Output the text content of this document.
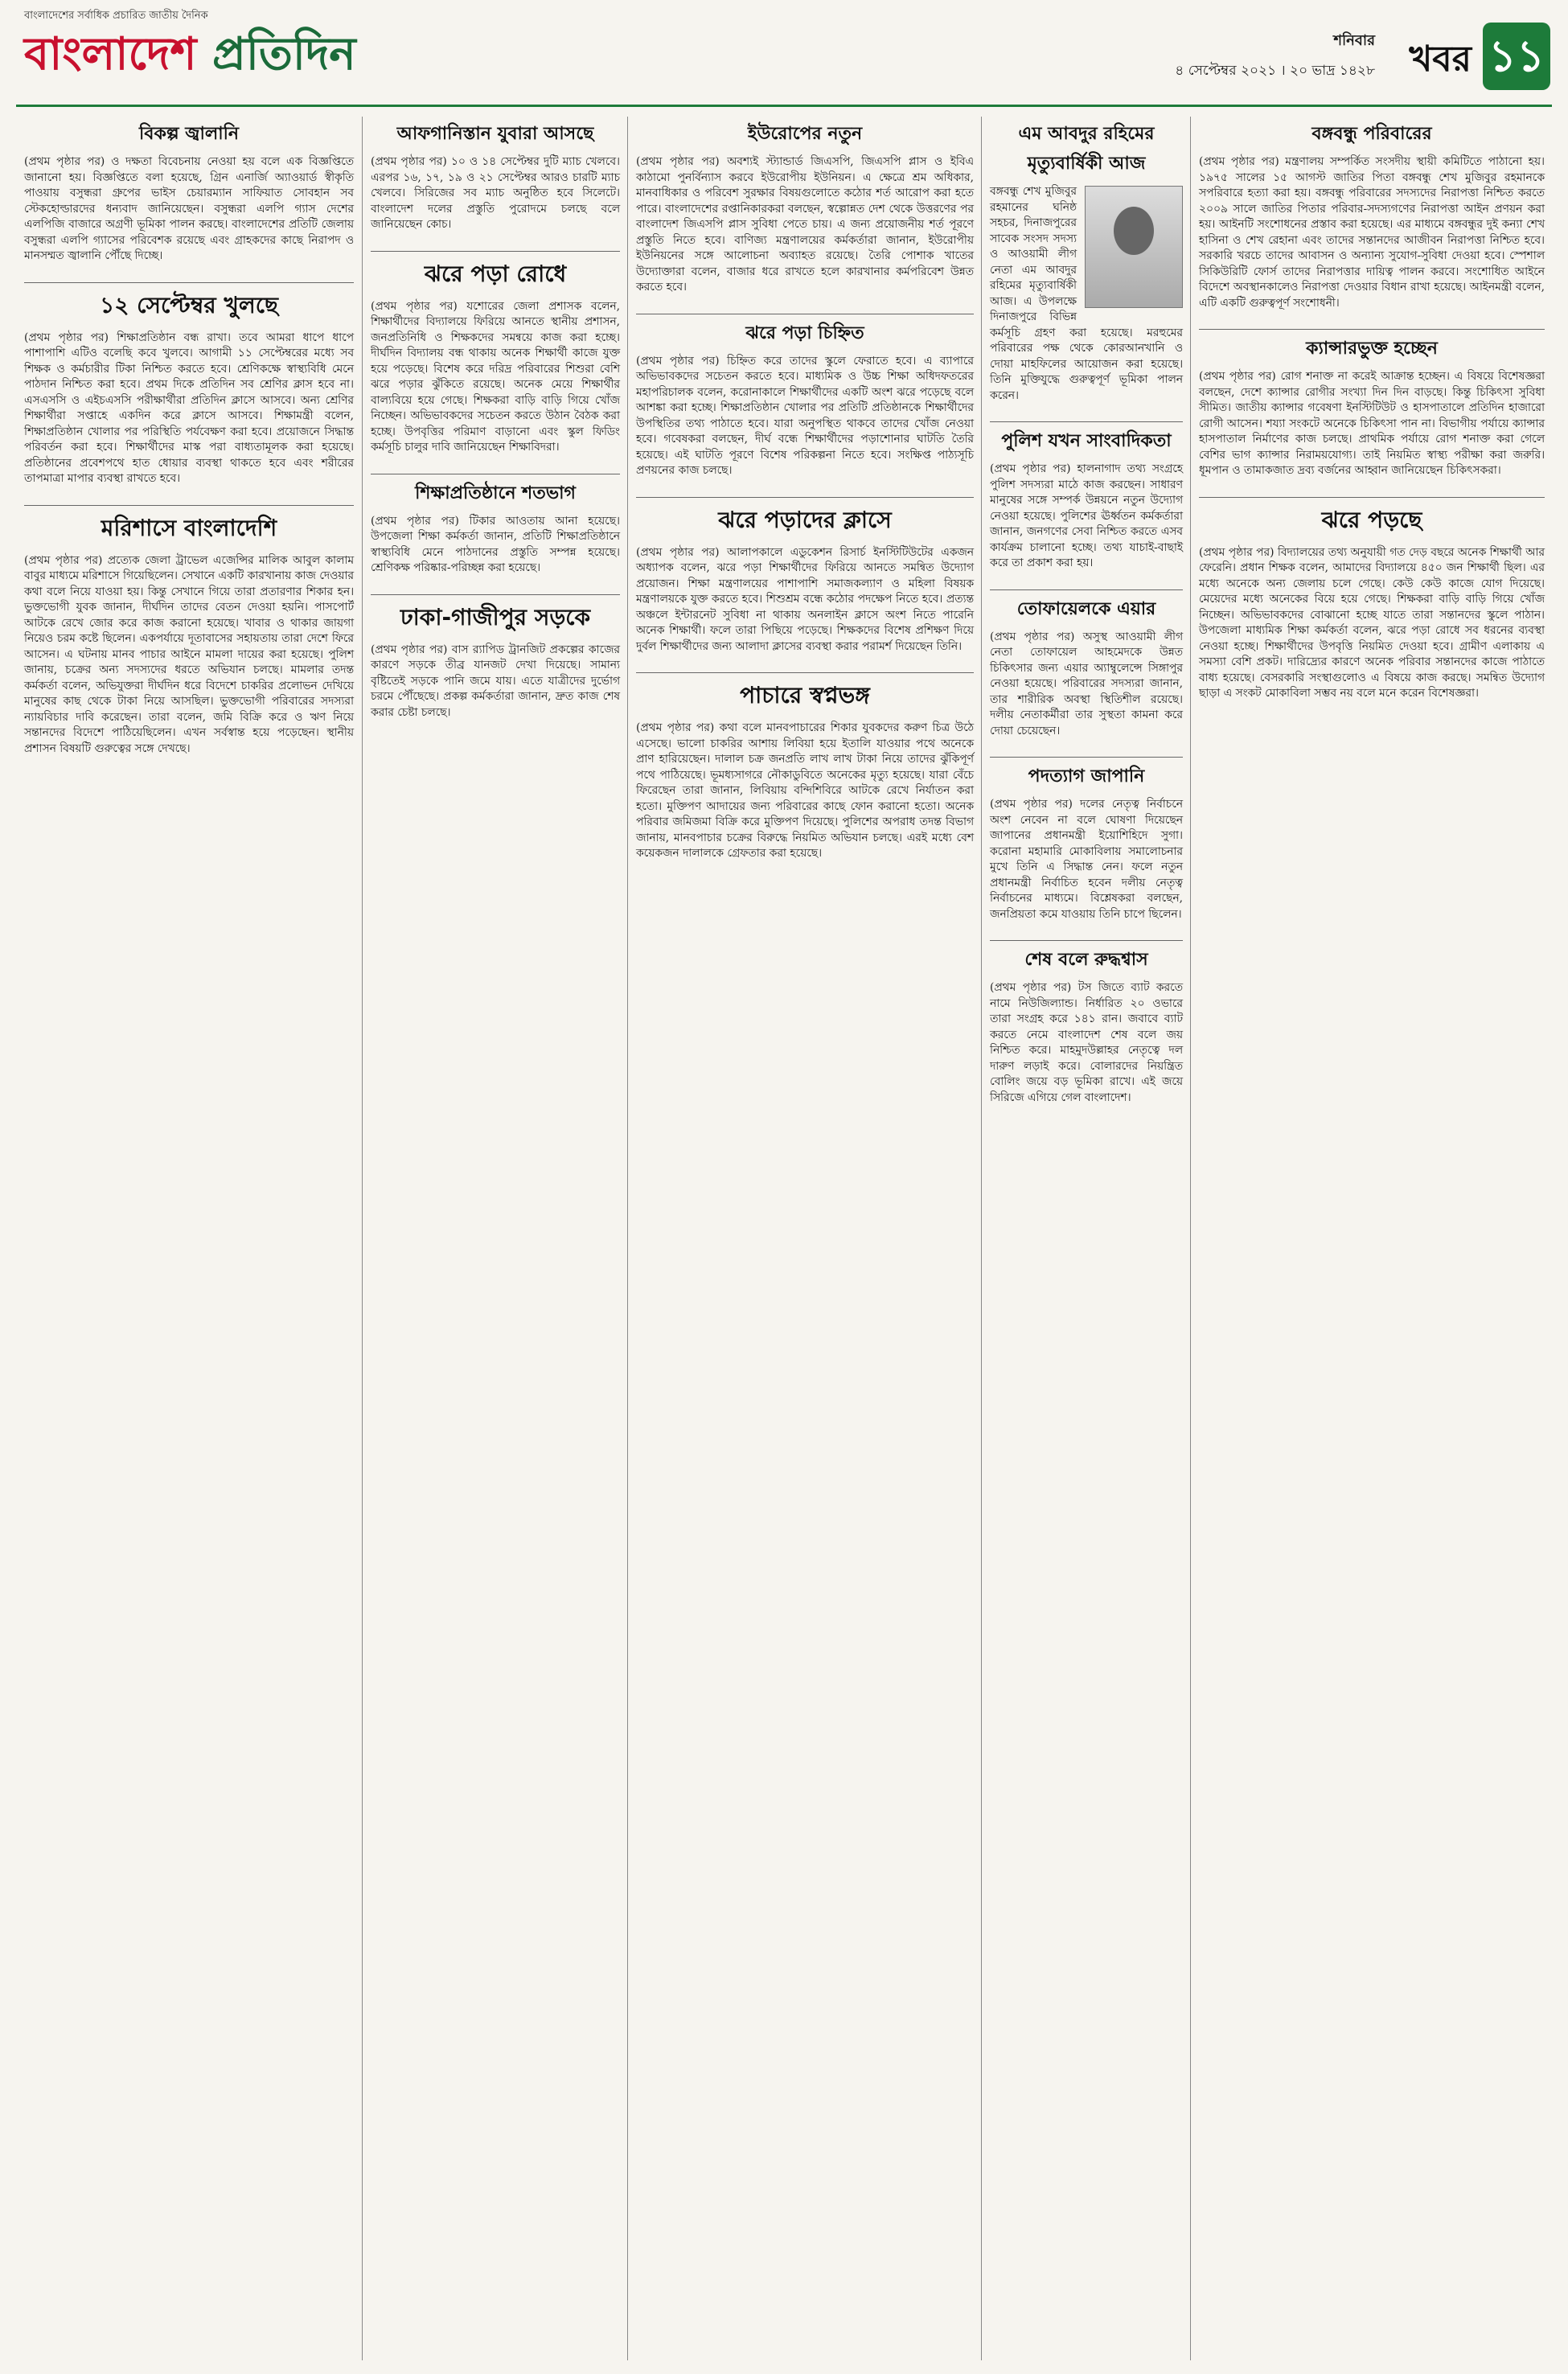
বাংলাদেশের সর্বাধিক প্রচারিত জাতীয় দৈনিক
বাংলাদেশ প্রতিদিন	শনিবার
৪ সেপ্টেম্বর ২০২১ । ২০ ভাদ্র ১৪২৮ খবর ১১
বিকল্প জ্বালানি

(প্রথম পৃষ্ঠার পর) ও দক্ষতা বিবেচনায় নেওয়া হয় বলে এক বিজ্ঞপ্তিতে জানানো হয়। বিজ্ঞপ্তিতে বলা হয়েছে, গ্রিন এনার্জি অ্যাওয়ার্ড স্বীকৃতি পাওয়ায় বসুন্ধরা গ্রুপের ভাইস চেয়ারম্যান সাফিয়াত সোবহান সব স্টেকহোল্ডারদের ধন্যবাদ জানিয়েছেন। বসুন্ধরা এলপি গ্যাস দেশের এলপিজি বাজারে অগ্রণী ভূমিকা পালন করছে। বাংলাদেশের প্রতিটি জেলায় বসুন্ধরা এলপি গ্যাসের পরিবেশক রয়েছে এবং গ্রাহকদের কাছে নিরাপদ ও মানসম্মত জ্বালানি পৌঁছে দিচ্ছে।

১২ সেপ্টেম্বর খুলছে

(প্রথম পৃষ্ঠার পর) শিক্ষাপ্রতিষ্ঠান বন্ধ রাখা। তবে আমরা ধাপে ধাপে পাশাপাশি এটিও বলেছি কবে খুলবে। আগামী ১১ সেপ্টেম্বরের মধ্যে সব শিক্ষক ও কর্মচারীর টিকা নিশ্চিত করতে হবে। শ্রেণিকক্ষে স্বাস্থ্যবিধি মেনে পাঠদান নিশ্চিত করা হবে। প্রথম দিকে প্রতিদিন সব শ্রেণির ক্লাস হবে না। এসএসসি ও এইচএসসি পরীক্ষার্থীরা প্রতিদিন ক্লাসে আসবে। অন্য শ্রেণির শিক্ষার্থীরা সপ্তাহে একদিন করে ক্লাসে আসবে। শিক্ষামন্ত্রী বলেন, শিক্ষাপ্রতিষ্ঠান খোলার পর পরিস্থিতি পর্যবেক্ষণ করা হবে। প্রয়োজনে সিদ্ধান্ত পরিবর্তন করা হবে। শিক্ষার্থীদের মাস্ক পরা বাধ্যতামূলক করা হয়েছে। প্রতিষ্ঠানের প্রবেশপথে হাত ধোয়ার ব্যবস্থা থাকতে হবে এবং শরীরের তাপমাত্রা মাপার ব্যবস্থা রাখতে হবে।

মরিশাসে বাংলাদেশি

(প্রথম পৃষ্ঠার পর) প্রত্যেক জেলা ট্রাভেল এজেন্সির মালিক আবুল কালাম বাবুর মাধ্যমে মরিশাসে গিয়েছিলেন। সেখানে একটি কারখানায় কাজ দেওয়ার কথা বলে নিয়ে যাওয়া হয়। কিন্তু সেখানে গিয়ে তারা প্রতারণার শিকার হন। ভুক্তভোগী যুবক জানান, দীর্ঘদিন তাদের বেতন দেওয়া হয়নি। পাসপোর্ট আটকে রেখে জোর করে কাজ করানো হয়েছে। খাবার ও থাকার জায়গা নিয়েও চরম কষ্টে ছিলেন। একপর্যায়ে দূতাবাসের সহায়তায় তারা দেশে ফিরে আসেন। এ ঘটনায় মানব পাচার আইনে মামলা দায়ের করা হয়েছে। পুলিশ জানায়, চক্রের অন্য সদস্যদের ধরতে অভিযান চলছে। মামলার তদন্ত কর্মকর্তা বলেন, অভিযুক্তরা দীর্ঘদিন ধরে বিদেশে চাকরির প্রলোভন দেখিয়ে মানুষের কাছ থেকে টাকা নিয়ে আসছিল। ভুক্তভোগী পরিবারের সদস্যরা ন্যায়বিচার দাবি করেছেন। তারা বলেন, জমি বিক্রি করে ও ঋণ নিয়ে সন্তানদের বিদেশে পাঠিয়েছিলেন। এখন সর্বস্বান্ত হয়ে পড়েছেন। স্থানীয় প্রশাসন বিষয়টি গুরুত্বের সঙ্গে দেখছে।

আফগানিস্তান যুবারা আসছে

(প্রথম পৃষ্ঠার পর) ১০ ও ১৪ সেপ্টেম্বর দুটি ম্যাচ খেলবে। এরপর ১৬, ১৭, ১৯ ও ২১ সেপ্টেম্বর আরও চারটি ম্যাচ খেলবে। সিরিজের সব ম্যাচ অনুষ্ঠিত হবে সিলেটে। বাংলাদেশ দলের প্রস্তুতি পুরোদমে চলছে বলে জানিয়েছেন কোচ।

ঝরে পড়া রোধে

(প্রথম পৃষ্ঠার পর) যশোরের জেলা প্রশাসক বলেন, শিক্ষার্থীদের বিদ্যালয়ে ফিরিয়ে আনতে স্থানীয় প্রশাসন, জনপ্রতিনিধি ও শিক্ষকদের সমন্বয়ে কাজ করা হচ্ছে। দীর্ঘদিন বিদ্যালয় বন্ধ থাকায় অনেক শিক্ষার্থী কাজে যুক্ত হয়ে পড়েছে। বিশেষ করে দরিদ্র পরিবারের শিশুরা বেশি ঝরে পড়ার ঝুঁকিতে রয়েছে। অনেক মেয়ে শিক্ষার্থীর বাল্যবিয়ে হয়ে গেছে। শিক্ষকরা বাড়ি বাড়ি গিয়ে খোঁজ নিচ্ছেন। অভিভাবকদের সচেতন করতে উঠান বৈঠক করা হচ্ছে। উপবৃত্তির পরিমাণ বাড়ানো এবং স্কুল ফিডিং কর্মসূচি চালুর দাবি জানিয়েছেন শিক্ষাবিদরা।

শিক্ষাপ্রতিষ্ঠানে শতভাগ

(প্রথম পৃষ্ঠার পর) টিকার আওতায় আনা হয়েছে। উপজেলা শিক্ষা কর্মকর্তা জানান, প্রতিটি শিক্ষাপ্রতিষ্ঠানে স্বাস্থ্যবিধি মেনে পাঠদানের প্রস্তুতি সম্পন্ন হয়েছে। শ্রেণিকক্ষ পরিষ্কার-পরিচ্ছন্ন করা হয়েছে।

ঢাকা-গাজীপুর সড়কে

(প্রথম পৃষ্ঠার পর) বাস র‍্যাপিড ট্রানজিট প্রকল্পের কাজের কারণে সড়কে তীব্র যানজট দেখা দিয়েছে। সামান্য বৃষ্টিতেই সড়কে পানি জমে যায়। এতে যাত্রীদের দুর্ভোগ চরমে পৌঁছেছে। প্রকল্প কর্মকর্তারা জানান, দ্রুত কাজ শেষ করার চেষ্টা চলছে।

ইউরোপের নতুন

(প্রথম পৃষ্ঠার পর) অবশ্যই স্ট্যান্ডার্ড জিএসপি, জিএসপি প্লাস ও ইবিএ কাঠামো পুনর্বিন্যাস করবে ইউরোপীয় ইউনিয়ন। এ ক্ষেত্রে শ্রম অধিকার, মানবাধিকার ও পরিবেশ সুরক্ষার বিষয়গুলোতে কঠোর শর্ত আরোপ করা হতে পারে। বাংলাদেশের রপ্তানিকারকরা বলছেন, স্বল্পোন্নত দেশ থেকে উত্তরণের পর বাংলাদেশ জিএসপি প্লাস সুবিধা পেতে চায়। এ জন্য প্রয়োজনীয় শর্ত পূরণে প্রস্তুতি নিতে হবে। বাণিজ্য মন্ত্রণালয়ের কর্মকর্তারা জানান, ইউরোপীয় ইউনিয়নের সঙ্গে আলোচনা অব্যাহত রয়েছে। তৈরি পোশাক খাতের উদ্যোক্তারা বলেন, বাজার ধরে রাখতে হলে কারখানার কর্মপরিবেশ উন্নত করতে হবে।

ঝরে পড়া চিহ্নিত

(প্রথম পৃষ্ঠার পর) চিহ্নিত করে তাদের স্কুলে ফেরাতে হবে। এ ব্যাপারে অভিভাবকদের সচেতন করতে হবে। মাধ্যমিক ও উচ্চ শিক্ষা অধিদফতরের মহাপরিচালক বলেন, করোনাকালে শিক্ষার্থীদের একটি অংশ ঝরে পড়েছে বলে আশঙ্কা করা হচ্ছে। শিক্ষাপ্রতিষ্ঠান খোলার পর প্রতিটি প্রতিষ্ঠানকে শিক্ষার্থীদের উপস্থিতির তথ্য পাঠাতে হবে। যারা অনুপস্থিত থাকবে তাদের খোঁজ নেওয়া হবে। গবেষকরা বলছেন, দীর্ঘ বন্ধে শিক্ষার্থীদের পড়াশোনার ঘাটতি তৈরি হয়েছে। এই ঘাটতি পূরণে বিশেষ পরিকল্পনা নিতে হবে। সংক্ষিপ্ত পাঠ্যসূচি প্রণয়নের কাজ চলছে।

ঝরে পড়াদের ক্লাসে

(প্রথম পৃষ্ঠার পর) আলাপকালে এডুকেশন রিসার্চ ইনস্টিটিউটের একজন অধ্যাপক বলেন, ঝরে পড়া শিক্ষার্থীদের ফিরিয়ে আনতে সমন্বিত উদ্যোগ প্রয়োজন। শিক্ষা মন্ত্রণালয়ের পাশাপাশি সমাজকল্যাণ ও মহিলা বিষয়ক মন্ত্রণালয়কে যুক্ত করতে হবে। শিশুশ্রম বন্ধে কঠোর পদক্ষেপ নিতে হবে। প্রত্যন্ত অঞ্চলে ইন্টারনেট সুবিধা না থাকায় অনলাইন ক্লাসে অংশ নিতে পারেনি অনেক শিক্ষার্থী। ফলে তারা পিছিয়ে পড়েছে। শিক্ষকদের বিশেষ প্রশিক্ষণ দিয়ে দুর্বল শিক্ষার্থীদের জন্য আলাদা ক্লাসের ব্যবস্থা করার পরামর্শ দিয়েছেন তিনি।

পাচারে স্বপ্নভঙ্গ

(প্রথম পৃষ্ঠার পর) কথা বলে মানবপাচারের শিকার যুবকদের করুণ চিত্র উঠে এসেছে। ভালো চাকরির আশায় লিবিয়া হয়ে ইতালি যাওয়ার পথে অনেকে প্রাণ হারিয়েছেন। দালাল চক্র জনপ্রতি লাখ লাখ টাকা নিয়ে তাদের ঝুঁকিপূর্ণ পথে পাঠিয়েছে। ভূমধ্যসাগরে নৌকাডুবিতে অনেকের মৃত্যু হয়েছে। যারা বেঁচে ফিরেছেন তারা জানান, লিবিয়ায় বন্দিশিবিরে আটকে রেখে নির্যাতন করা হতো। মুক্তিপণ আদায়ের জন্য পরিবারের কাছে ফোন করানো হতো। অনেক পরিবার জমিজমা বিক্রি করে মুক্তিপণ দিয়েছে। পুলিশের অপরাধ তদন্ত বিভাগ জানায়, মানবপাচার চক্রের বিরুদ্ধে নিয়মিত অভিযান চলছে। এরই মধ্যে বেশ কয়েকজন দালালকে গ্রেফতার করা হয়েছে।

এম আবদুর রহিমের মৃত্যুবার্ষিকী আজ

বঙ্গবন্ধু শেখ মুজিবুর রহমানের ঘনিষ্ঠ সহচর, দিনাজপুরের সাবেক সংসদ সদস্য ও আওয়ামী লীগ নেতা এম আবদুর রহিমের মৃত্যুবার্ষিকী আজ। এ উপলক্ষে দিনাজপুরে বিভিন্ন কর্মসূচি গ্রহণ করা হয়েছে। মরহুমের পরিবারের পক্ষ থেকে কোরআনখানি ও দোয়া মাহফিলের আয়োজন করা হয়েছে। তিনি মুক্তিযুদ্ধে গুরুত্বপূর্ণ ভূমিকা পালন করেন।

পুলিশ যখন সাংবাদিকতা

(প্রথম পৃষ্ঠার পর) হালনাগাদ তথ্য সংগ্রহে পুলিশ সদস্যরা মাঠে কাজ করছেন। সাধারণ মানুষের সঙ্গে সম্পর্ক উন্নয়নে নতুন উদ্যোগ নেওয়া হয়েছে। পুলিশের ঊর্ধ্বতন কর্মকর্তারা জানান, জনগণের সেবা নিশ্চিত করতে এসব কার্যক্রম চালানো হচ্ছে। তথ্য যাচাই-বাছাই করে তা প্রকাশ করা হয়।

তোফায়েলকে এয়ার

(প্রথম পৃষ্ঠার পর) অসুস্থ আওয়ামী লীগ নেতা তোফায়েল আহমেদকে উন্নত চিকিৎসার জন্য এয়ার অ্যাম্বুলেন্সে সিঙ্গাপুর নেওয়া হয়েছে। পরিবারের সদস্যরা জানান, তার শারীরিক অবস্থা স্থিতিশীল রয়েছে। দলীয় নেতাকর্মীরা তার সুস্থতা কামনা করে দোয়া চেয়েছেন।

পদত্যাগ জাপানি

(প্রথম পৃষ্ঠার পর) দলের নেতৃত্ব নির্বাচনে অংশ নেবেন না বলে ঘোষণা দিয়েছেন জাপানের প্রধানমন্ত্রী ইয়োশিহিদে সুগা। করোনা মহামারি মোকাবিলায় সমালোচনার মুখে তিনি এ সিদ্ধান্ত নেন। ফলে নতুন প্রধানমন্ত্রী নির্বাচিত হবেন দলীয় নেতৃত্ব নির্বাচনের মাধ্যমে। বিশ্লেষকরা বলছেন, জনপ্রিয়তা কমে যাওয়ায় তিনি চাপে ছিলেন।

শেষ বলে রুদ্ধশ্বাস

(প্রথম পৃষ্ঠার পর) টস জিতে ব্যাট করতে নামে নিউজিল্যান্ড। নির্ধারিত ২০ ওভারে তারা সংগ্রহ করে ১৪১ রান। জবাবে ব্যাট করতে নেমে বাংলাদেশ শেষ বলে জয় নিশ্চিত করে। মাহমুদউল্লাহর নেতৃত্বে দল দারুণ লড়াই করে। বোলারদের নিয়ন্ত্রিত বোলিং জয়ে বড় ভূমিকা রাখে। এই জয়ে সিরিজে এগিয়ে গেল বাংলাদেশ।

বঙ্গবন্ধু পরিবারের

(প্রথম পৃষ্ঠার পর) মন্ত্রণালয় সম্পর্কিত সংসদীয় স্থায়ী কমিটিতে পাঠানো হয়। ১৯৭৫ সালের ১৫ আগস্ট জাতির পিতা বঙ্গবন্ধু শেখ মুজিবুর রহমানকে সপরিবারে হত্যা করা হয়। বঙ্গবন্ধু পরিবারের সদস্যদের নিরাপত্তা নিশ্চিত করতে ২০০৯ সালে জাতির পিতার পরিবার-সদস্যগণের নিরাপত্তা আইন প্রণয়ন করা হয়। আইনটি সংশোধনের প্রস্তাব করা হয়েছে। এর মাধ্যমে বঙ্গবন্ধুর দুই কন্যা শেখ হাসিনা ও শেখ রেহানা এবং তাদের সন্তানদের আজীবন নিরাপত্তা নিশ্চিত হবে। সরকারি খরচে তাদের আবাসন ও অন্যান্য সুযোগ-সুবিধা দেওয়া হবে। স্পেশাল সিকিউরিটি ফোর্স তাদের নিরাপত্তার দায়িত্ব পালন করবে। সংশোধিত আইনে বিদেশে অবস্থানকালেও নিরাপত্তা দেওয়ার বিধান রাখা হয়েছে। আইনমন্ত্রী বলেন, এটি একটি গুরুত্বপূর্ণ সংশোধনী।

ক্যান্সারভুক্ত হচ্ছেন

(প্রথম পৃষ্ঠার পর) রোগ শনাক্ত না করেই আক্রান্ত হচ্ছেন। এ বিষয়ে বিশেষজ্ঞরা বলছেন, দেশে ক্যান্সার রোগীর সংখ্যা দিন দিন বাড়ছে। কিন্তু চিকিৎসা সুবিধা সীমিত। জাতীয় ক্যান্সার গবেষণা ইনস্টিটিউট ও হাসপাতালে প্রতিদিন হাজারো রোগী আসেন। শয্যা সংকটে অনেকে চিকিৎসা পান না। বিভাগীয় পর্যায়ে ক্যান্সার হাসপাতাল নির্মাণের কাজ চলছে। প্রাথমিক পর্যায়ে রোগ শনাক্ত করা গেলে বেশির ভাগ ক্যান্সার নিরাময়যোগ্য। তাই নিয়মিত স্বাস্থ্য পরীক্ষা করা জরুরি। ধূমপান ও তামাকজাত দ্রব্য বর্জনের আহ্বান জানিয়েছেন চিকিৎসকরা।

ঝরে পড়ছে

(প্রথম পৃষ্ঠার পর) বিদ্যালয়ের তথ্য অনুযায়ী গত দেড় বছরে অনেক শিক্ষার্থী আর ফেরেনি। প্রধান শিক্ষক বলেন, আমাদের বিদ্যালয়ে ৪৫০ জন শিক্ষার্থী ছিল। এর মধ্যে অনেকে অন্য জেলায় চলে গেছে। কেউ কেউ কাজে যোগ দিয়েছে। মেয়েদের মধ্যে অনেকের বিয়ে হয়ে গেছে। শিক্ষকরা বাড়ি বাড়ি গিয়ে খোঁজ নিচ্ছেন। অভিভাবকদের বোঝানো হচ্ছে যাতে তারা সন্তানদের স্কুলে পাঠান। উপজেলা মাধ্যমিক শিক্ষা কর্মকর্তা বলেন, ঝরে পড়া রোধে সব ধরনের ব্যবস্থা নেওয়া হচ্ছে। শিক্ষার্থীদের উপবৃত্তি নিয়মিত দেওয়া হবে। গ্রামীণ এলাকায় এ সমস্যা বেশি প্রকট। দারিদ্র্যের কারণে অনেক পরিবার সন্তানদের কাজে পাঠাতে বাধ্য হয়েছে। বেসরকারি সংস্থাগুলোও এ বিষয়ে কাজ করছে। সমন্বিত উদ্যোগ ছাড়া এ সংকট মোকাবিলা সম্ভব নয় বলে মনে করেন বিশেষজ্ঞরা।
